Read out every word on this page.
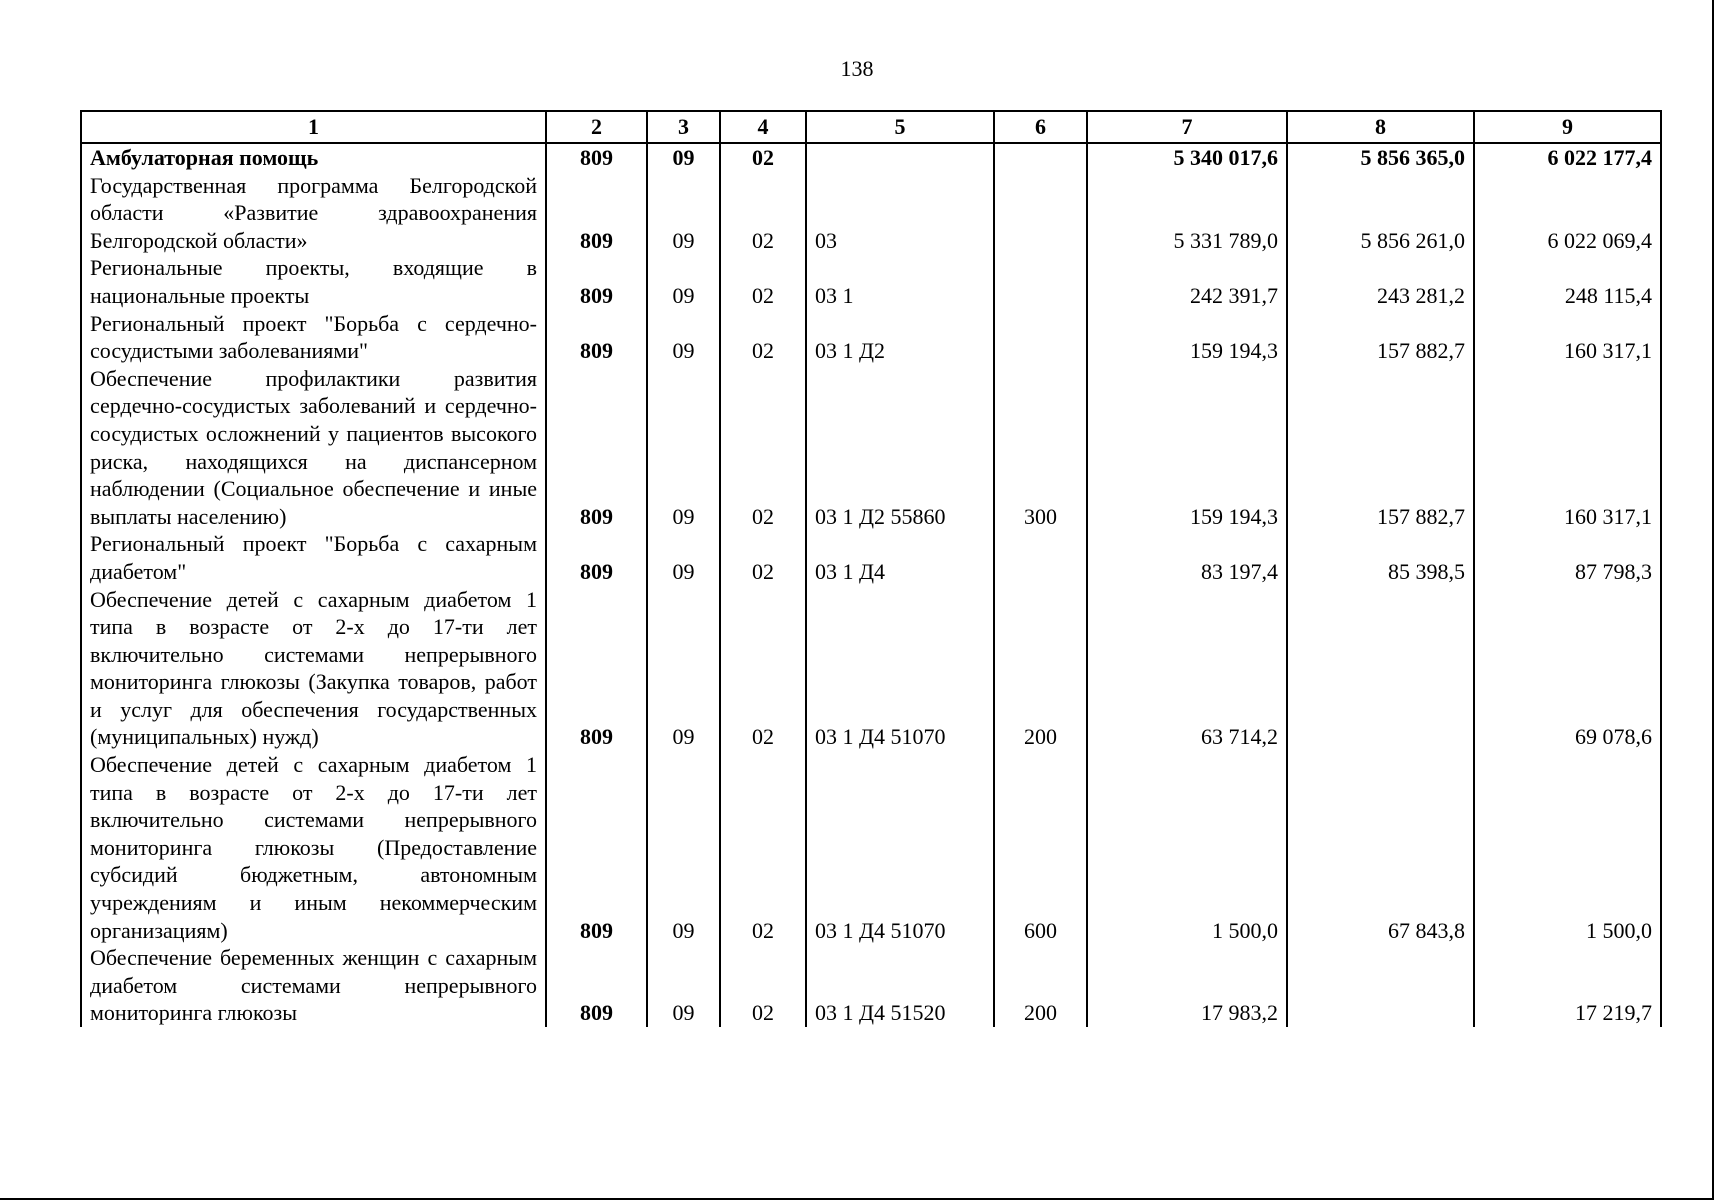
138
1	2	3	4	5	6	7	8	9
Амбулаторная помощь	809	09	02			5 340 017,6	5 856 365,0	6 022 177,4
Государственная программа Белгородской области «Развитие здравоохранения Белгородской области»	809	09	02	03		5 331 789,0	5 856 261,0	6 022 069,4
Региональные проекты, входящие в национальные проекты	809	09	02	03 1		242 391,7	243 281,2	248 115,4
Региональный проект "Борьба с сердечно-сосудистыми заболеваниями"	809	09	02	03 1 Д2		159 194,3	157 882,7	160 317,1
Обеспечение профилактики развития сердечно-сосудистых заболеваний и сердечно-сосудистых осложнений у пациентов высокого риска, находящихся на диспансерном наблюдении (Социальное обеспечение и иные выплаты населению)	809	09	02	03 1 Д2 55860	300	159 194,3	157 882,7	160 317,1
Региональный проект "Борьба с сахарным диабетом"	809	09	02	03 1 Д4		83 197,4	85 398,5	87 798,3
Обеспечение детей с сахарным диабетом 1 типа в возрасте от 2-х до 17-ти лет включительно системами непрерывного мониторинга глюкозы (Закупка товаров, работ и услуг для обеспечения государственных (муниципальных) нужд)	809	09	02	03 1 Д4 51070	200	63 714,2		69 078,6
Обеспечение детей с сахарным диабетом 1 типа в возрасте от 2-х до 17-ти лет включительно системами непрерывного мониторинга глюкозы (Предоставление субсидий бюджетным, автономным учреждениям и иным некоммерческим организациям)	809	09	02	03 1 Д4 51070	600	1 500,0	67 843,8	1 500,0
Обеспечение беременных женщин с сахарным диабетом системами непрерывного мониторинга глюкозы	809	09	02	03 1 Д4 51520	200	17 983,2		17 219,7
